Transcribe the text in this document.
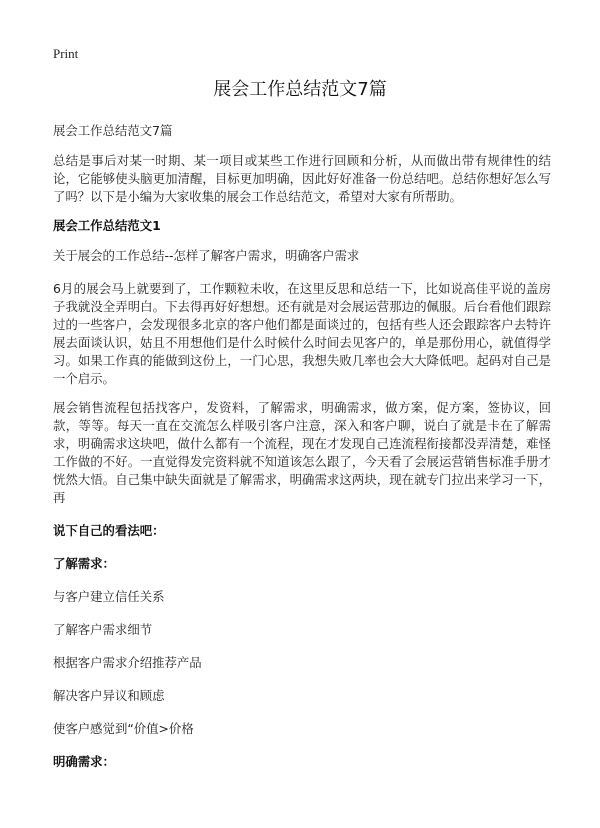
Print
展会工作总结范文7篇

展会工作总结范文7篇

总结是事后对某一时期、某一项目或某些工作进行回顾和分析，从而做出带有规律性的结论，它能够使头脑更加清醒，目标更加明确，因此好好准备一份总结吧。总结你想好怎么写了吗？以下是小编为大家收集的展会工作总结范文，希望对大家有所帮助。

展会工作总结范文1

关于展会的工作总结--怎样了解客户需求，明确客户需求

6月的展会马上就要到了，工作颗粒未收，在这里反思和总结一下，比如说高佳平说的盖房子我就没全弄明白。下去得再好好想想。还有就是对会展运营那边的佩服。后台看他们跟踪过的一些客户，会发现很多北京的客户他们都是面谈过的，包括有些人还会跟踪客户去特许展去面谈认识，姑且不用想他们是什么时候什么时间去见客户的，单是那份用心，就值得学习。如果工作真的能做到这份上，一门心思，我想失败几率也会大大降低吧。起码对自己是一个启示。

展会销售流程包括找客户，发资料，了解需求，明确需求，做方案，促方案，签协议，回款，等等。每天一直在交流怎么样吸引客户注意，深入和客户聊，说白了就是卡在了解需求，明确需求这块吧，做什么都有一个流程，现在才发现自己连流程衔接都没弄清楚，难怪工作做的不好。一直觉得发完资料就不知道该怎么跟了，今天看了会展运营销售标准手册才恍然大悟。自己集中缺失面就是了解需求，明确需求这两块，现在就专门拉出来学习一下，再

说下自己的看法吧：

了解需求：

与客户建立信任关系

了解客户需求细节

根据客户需求介绍推荐产品

解决客户异议和顾虑

使客户感觉到“价值>价格

明确需求：
